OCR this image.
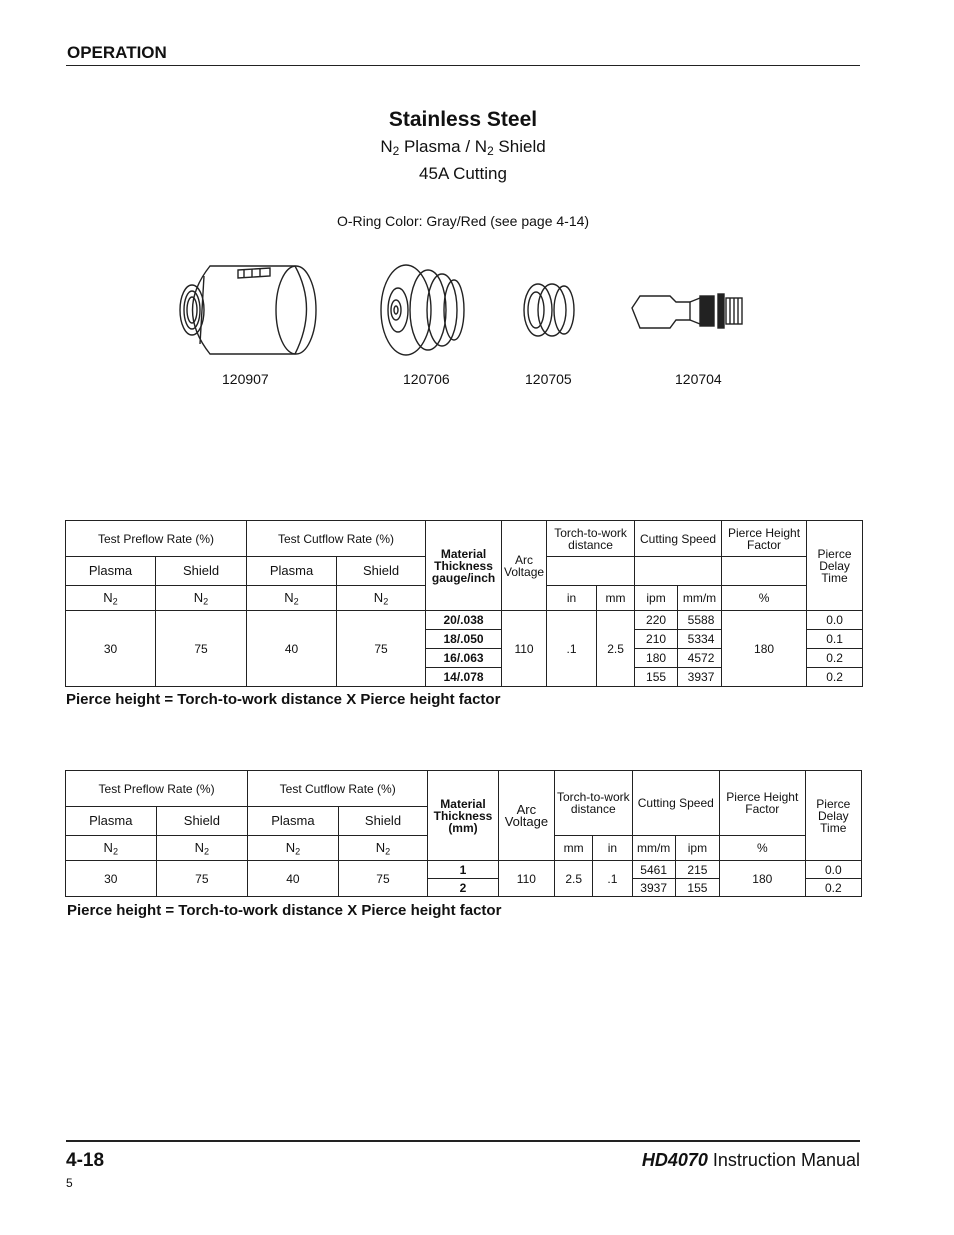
OPERATION
Stainless Steel
$N_2$ Plasma / $N_2$ Shield
45A Cutting
O-Ring Color: Gray/Red (see page 4-14)
120907	120706	120705	120704
Test Preflow Rate (%)		Test Cutflow Rate (%)		Material Thickness gauge/inch	Arc Voltage	Torch-to-work distance		Cutting Speed		Pierce Height Factor	Pierce Delay Time
Plasma	Shield	Plasma	Shield								
$N_2$	$N_2$	$N_2$	$N_2$			in	mm	ipm	mm/m	%	
30	75	40	75	20/.038	110	.1	2.5	220	5588	180	0.0
				18/.050				210	5334		0.1
				16/.063				180	4572		0.2
				14/.078				155	3937		0.2
Pierce height = Torch-to-work distance X Pierce height factor
Test Preflow Rate (%)		Test Cutflow Rate (%)		Material Thickness (mm)	Arc Voltage	Torch-to-work distance		Cutting Speed		Pierce Height Factor	Pierce Delay Time
Plasma	Shield	Plasma	Shield								
$N_2$	$N_2$	$N_2$	$N_2$			mm	in	mm/m	ipm	%	
30	75	40	75	1	110	2.5	.1	5461	215	180	0.0
				2				3937	155		0.2
Pierce height = Torch-to-work distance X Pierce height factor
4-18	HD4070 Instruction Manual
5
